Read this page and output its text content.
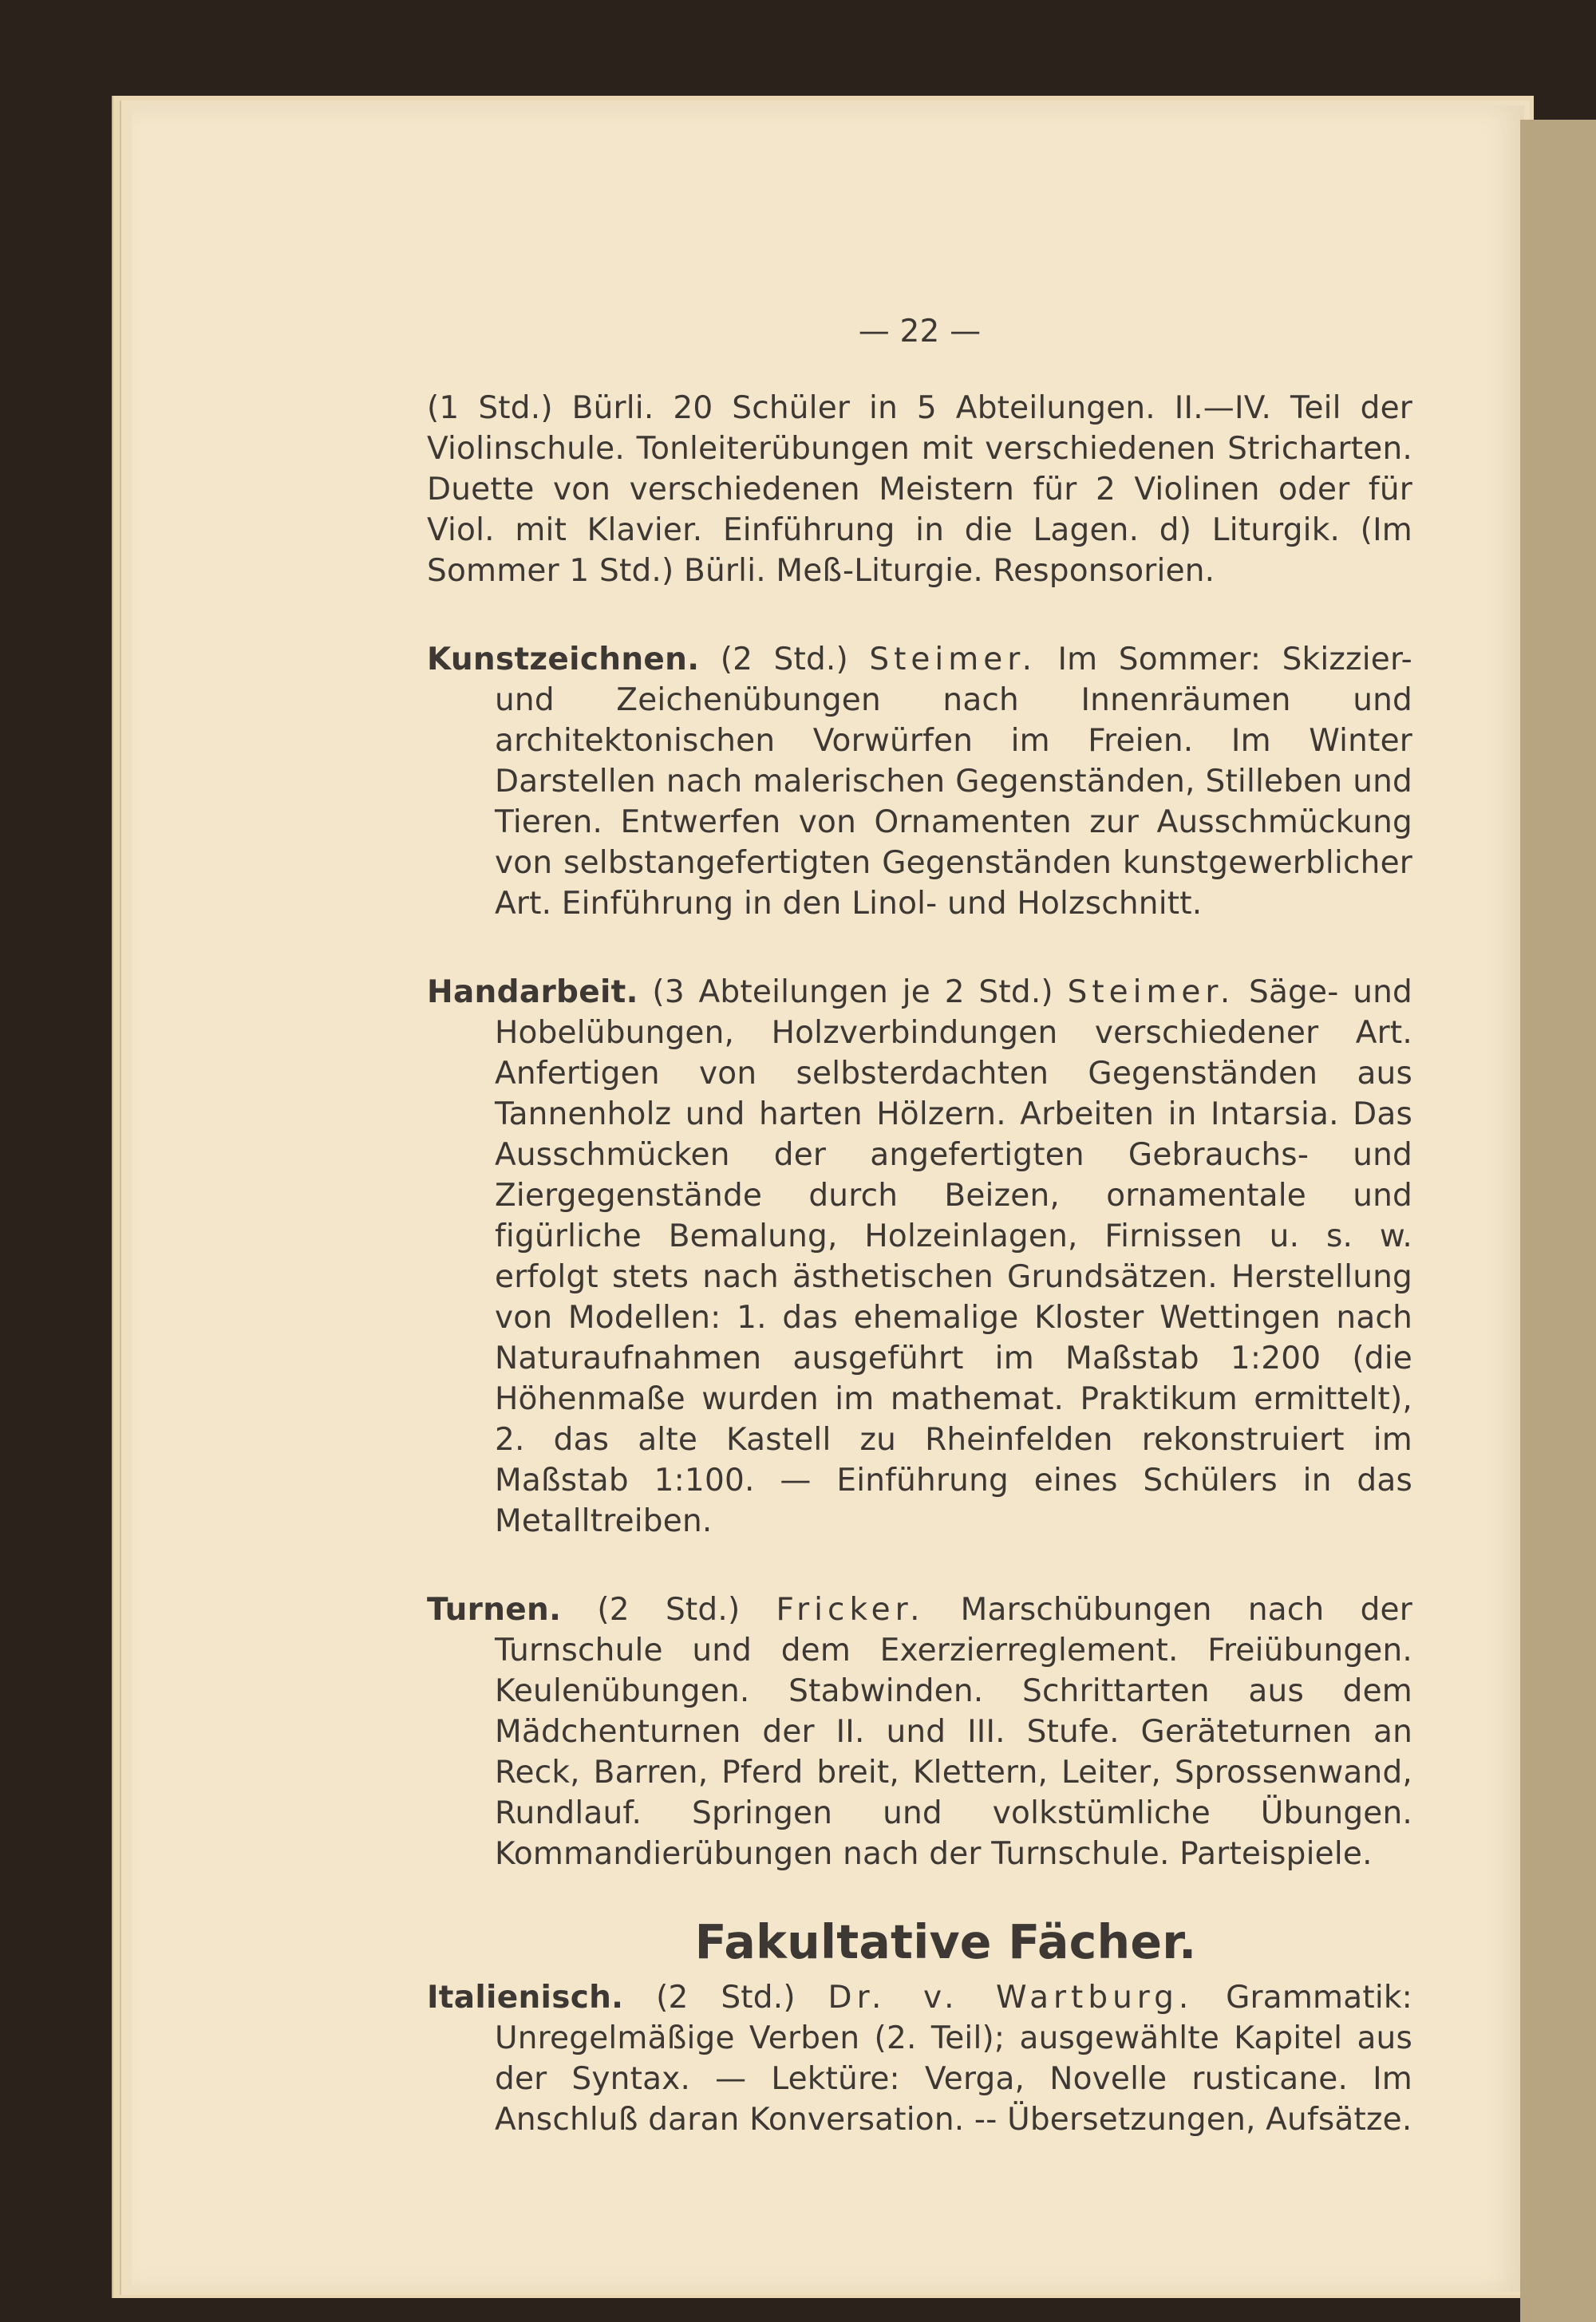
— 22 —

(1 Std.) Bürli. 20 Schüler in 5 Abteilungen. II.—IV. Teil der Violinschule. Tonleiterübungen mit verschiedenen Stricharten. Duette von verschiedenen Meistern für 2 Violinen oder für Viol. mit Klavier. Einführung in die Lagen. d) Liturgik. (Im Sommer 1 Std.) Bürli. Meß-Liturgie. Responsorien.

Kunstzeichnen. (2 Std.) Steimer. Im Sommer: Skizzier- und Zeichenübungen nach Innenräumen und architektonischen Vorwürfen im Freien. Im Winter Darstellen nach malerischen Gegenständen, Stilleben und Tieren. Entwerfen von Ornamenten zur Ausschmückung von selbstangefertigten Gegenständen kunstgewerblicher Art. Einführung in den Linol- und Holzschnitt.
Handarbeit. (3 Abteilungen je 2 Std.) Steimer. Säge- und Hobelübungen, Holzverbindungen verschiedener Art. Anfertigen von selbsterdachten Gegenständen aus Tannenholz und harten Hölzern. Arbeiten in Intarsia. Das Ausschmücken der angefertigten Gebrauchs- und Ziergegenstände durch Beizen, ornamentale und figürliche Bemalung, Holzeinlagen, Firnissen u. s. w. erfolgt stets nach ästhetischen Grundsätzen. Herstellung von Modellen: 1. das ehemalige Kloster Wettingen nach Naturaufnahmen ausgeführt im Maßstab 1:200 (die Höhenmaße wurden im mathemat. Praktikum ermittelt), 2. das alte Kastell zu Rheinfelden rekonstruiert im Maßstab 1:100. — Einführung eines Schülers in das Metalltreiben.
Turnen. (2 Std.) Fricker. Marschübungen nach der Turnschule und dem Exerzierreglement. Freiübungen. Keulenübungen. Stabwinden. Schrittarten aus dem Mädchenturnen der II. und III. Stufe. Geräteturnen an Reck, Barren, Pferd breit, Klettern, Leiter, Sprossenwand, Rundlauf. Springen und volkstümliche Übungen. Kommandierübungen nach der Turnschule. Parteispiele.
Fakultative Fächer.
Italienisch. (2 Std.) Dr. v. Wartburg. Grammatik: Unregelmäßige Verben (2. Teil); ausgewählte Kapitel aus der Syntax. — Lektüre: Verga, Novelle rusticane. Im Anschluß daran Konversation. -- Übersetzungen, Aufsätze.
